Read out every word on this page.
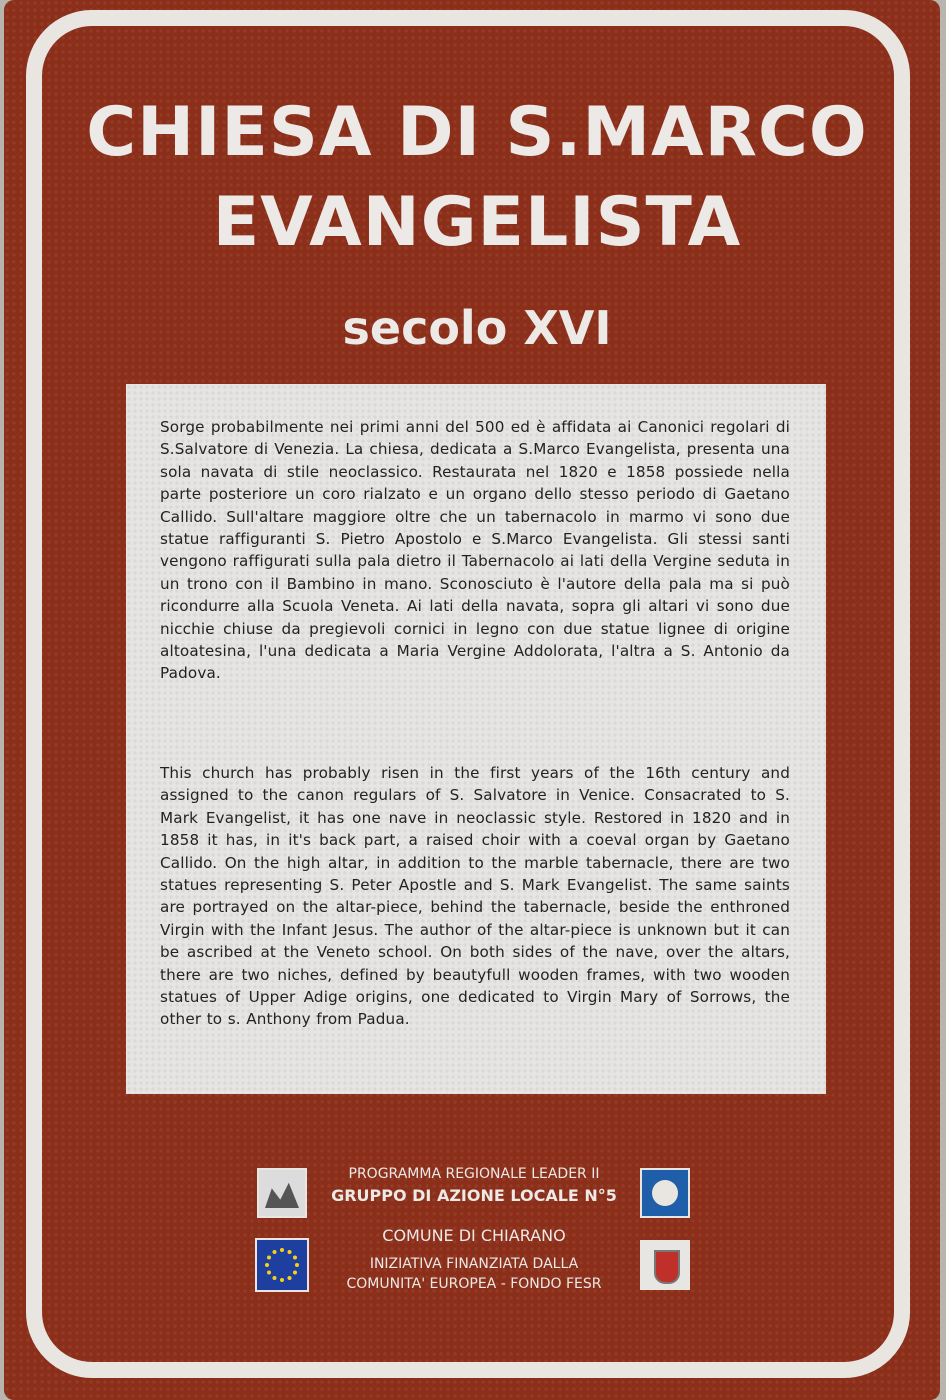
CHIESA DI S.MARCO
EVANGELISTA
secolo XVI
Sorge probabilmente nei primi anni del 500 ed è affidata ai Canonici regolari di S.Salvatore di Venezia. La chiesa, dedicata a S.Marco Evangelista, presenta una sola navata di stile neoclassico. Restaurata nel 1820 e 1858 possiede nella parte posteriore un coro rialzato e un organo dello stesso periodo di Gaetano Callido. Sull'altare maggiore oltre che un tabernacolo in marmo vi sono due statue raffiguranti S. Pietro Apostolo e S.Marco Evangelista. Gli stessi santi vengono raffigurati sulla pala dietro il Tabernacolo ai lati della Vergine seduta in un trono con il Bambino in mano. Sconosciuto è l'autore della pala ma si può ricondurre alla Scuola Veneta. Ai lati della navata, sopra gli altari vi sono due nicchie chiuse da pregievoli cornici in legno con due statue lignee di origine altoatesina, l'una dedicata a Maria Vergine Addolorata, l'altra a S. Antonio da Padova.
This church has probably risen in the first years of the 16th century and assigned to the canon regulars of S. Salvatore in Venice. Consacrated to S. Mark Evangelist, it has one nave in neoclassic style. Restored in 1820 and in 1858 it has, in it's back part, a raised choir with a coeval organ by Gaetano Callido. On the high altar, in addition to the marble tabernacle, there are two statues representing S. Peter Apostle and S. Mark Evangelist. The same saints are portrayed on the altar-piece, behind the tabernacle, beside the enthroned Virgin with the Infant Jesus. The author of the altar-piece is unknown but it can be ascribed at the Veneto school. On both sides of the nave, over the altars, there are two niches, defined by beautyfull wooden frames, with two wooden statues of Upper Adige origins, one dedicated to Virgin Mary of Sorrows, the other to s. Anthony from Padua.
PROGRAMMA REGIONALE LEADER II
GRUPPO DI AZIONE LOCALE N°5
COMUNE DI CHIARANO
INIZIATIVA FINANZIATA DALLA
COMUNITA' EUROPEA - FONDO FESR
